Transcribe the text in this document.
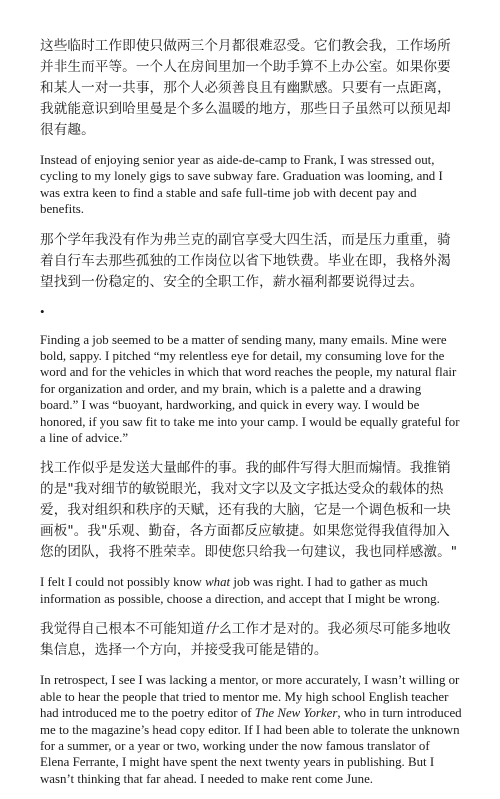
这些临时工作即使只做两三个月都很难忍受。它们教会我，工作场所并非生而平等。一个人在房间里加一个助手算不上办公室。如果你要和某人一对一共事，那个人必须善良且有幽默感。只要有一点距离，我就能意识到哈里曼是个多么温暖的地方，那些日子虽然可以预见却很有趣。

Instead of enjoying senior year as aide-de-camp to Frank, I was stressed out, cycling to my lonely gigs to save subway fare. Graduation was looming, and I was extra keen to find a stable and safe full-time job with decent pay and benefits.

那个学年我没有作为弗兰克的副官享受大四生活，而是压力重重，骑着自行车去那些孤独的工作岗位以省下地铁费。毕业在即，我格外渴望找到一份稳定的、安全的全职工作，薪水福利都要说得过去。

•

Finding a job seemed to be a matter of sending many, many emails. Mine were bold, sappy. I pitched “my relentless eye for detail, my consuming love for the word and for the vehicles in which that word reaches the people, my natural flair for organization and order, and my brain, which is a palette and a drawing board.” I was “buoyant, hardworking, and quick in every way. I would be honored, if you saw fit to take me into your camp. I would be equally grateful for a line of advice.”

找工作似乎是发送大量邮件的事。我的邮件写得大胆而煽情。我推销的是"我对细节的敏锐眼光，我对文字以及文字抵达受众的载体的热爱，我对组织和秩序的天赋，还有我的大脑，它是一个调色板和一块画板"。我"乐观、勤奋，各方面都反应敏捷。如果您觉得我值得加入您的团队，我将不胜荣幸。即使您只给我一句建议，我也同样感激。"

I felt I could not possibly know what job was right. I had to gather as much information as possible, choose a direction, and accept that I might be wrong.

我觉得自己根本不可能知道什么工作才是对的。我必须尽可能多地收集信息，选择一个方向，并接受我可能是错的。

In retrospect, I see I was lacking a mentor, or more accurately, I wasn’t willing or able to hear the people that tried to mentor me. My high school English teacher had introduced me to the poetry editor of The New Yorker, who in turn introduced me to the magazine’s head copy editor. If I had been able to tolerate the unknown for a summer, or a year or two, working under the now famous translator of Elena Ferrante, I might have spent the next twenty years in publishing. But I wasn’t thinking that far ahead. I needed to make rent come June.
